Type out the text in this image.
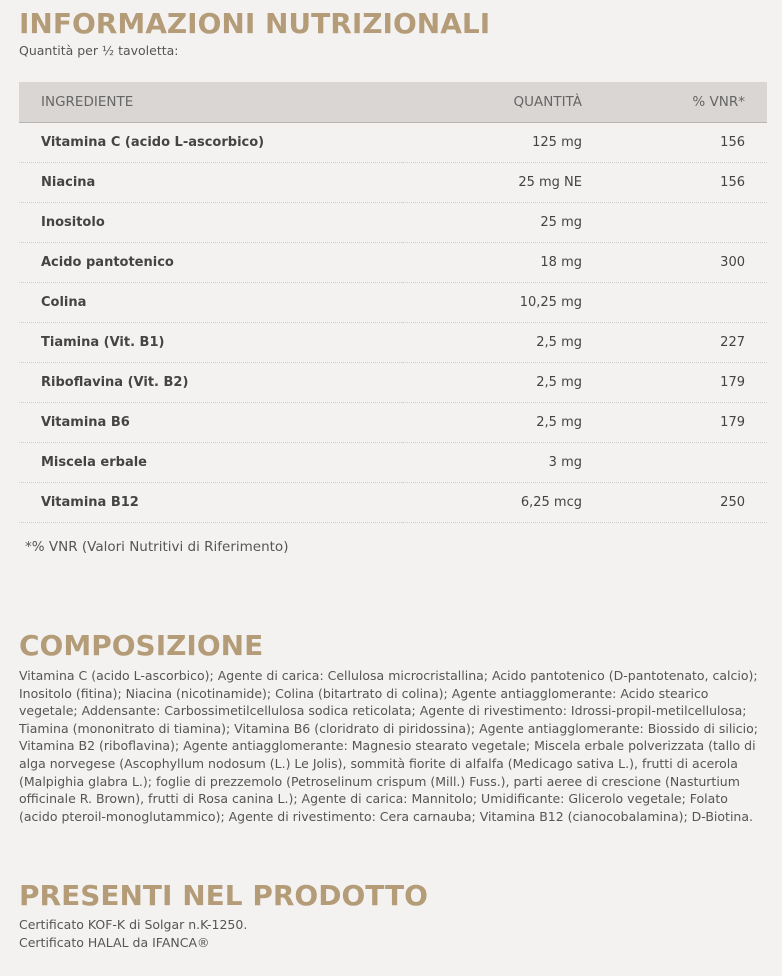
INFORMAZIONI NUTRIZIONALI

Quantità per ½ tavoletta:

INGREDIENTE	QUANTITÀ	% VNR*
Vitamina C (acido L-ascorbico)	125 mg	156
Niacina	25 mg NE	156
Inositolo	25 mg	
Acido pantotenico	18 mg	300
Colina	10,25 mg	
Tiamina (Vit. B1)	2,5 mg	227
Riboflavina (Vit. B2)	2,5 mg	179
Vitamina B6	2,5 mg	179
Miscela erbale	3 mg	
Vitamina B12	6,25 mcg	250

*% VNR (Valori Nutritivi di Riferimento)

COMPOSIZIONE

Vitamina C (acido L-ascorbico); Agente di carica: Cellulosa microcristallina; Acido pantotenico (D-pantotenato, calcio); Inositolo (fitina); Niacina (nicotinamide); Colina (bitartrato di colina); Agente antiagglomerante: Acido stearico vegetale; Addensante: Carbossimetilcellulosa sodica reticolata; Agente di rivestimento: Idrossi-propil-metilcellulosa; Tiamina (mononitrato di tiamina); Vitamina B6 (cloridrato di piridossina); Agente antiagglomerante: Biossido di silicio; Vitamina B2 (riboflavina); Agente antiagglomerante: Magnesio stearato vegetale; Miscela erbale polverizzata (tallo di alga norvegese (Ascophyllum nodosum (L.) Le Jolis), sommità fiorite di alfalfa (Medicago sativa L.), frutti di acerola (Malpighia glabra L.); foglie di prezzemolo (Petroselinum crispum (Mill.) Fuss.), parti aeree di crescione (Nasturtium officinale R. Brown), frutti di Rosa canina L.); Agente di carica: Mannitolo; Umidificante: Glicerolo vegetale; Folato (acido pteroil-monoglutammico); Agente di rivestimento: Cera carnauba; Vitamina B12 (cianocobalamina); D-Biotina.

PRESENTI NEL PRODOTTO

Certificato KOF-K di Solgar n.K-1250.

Certificato HALAL da IFANCA®
